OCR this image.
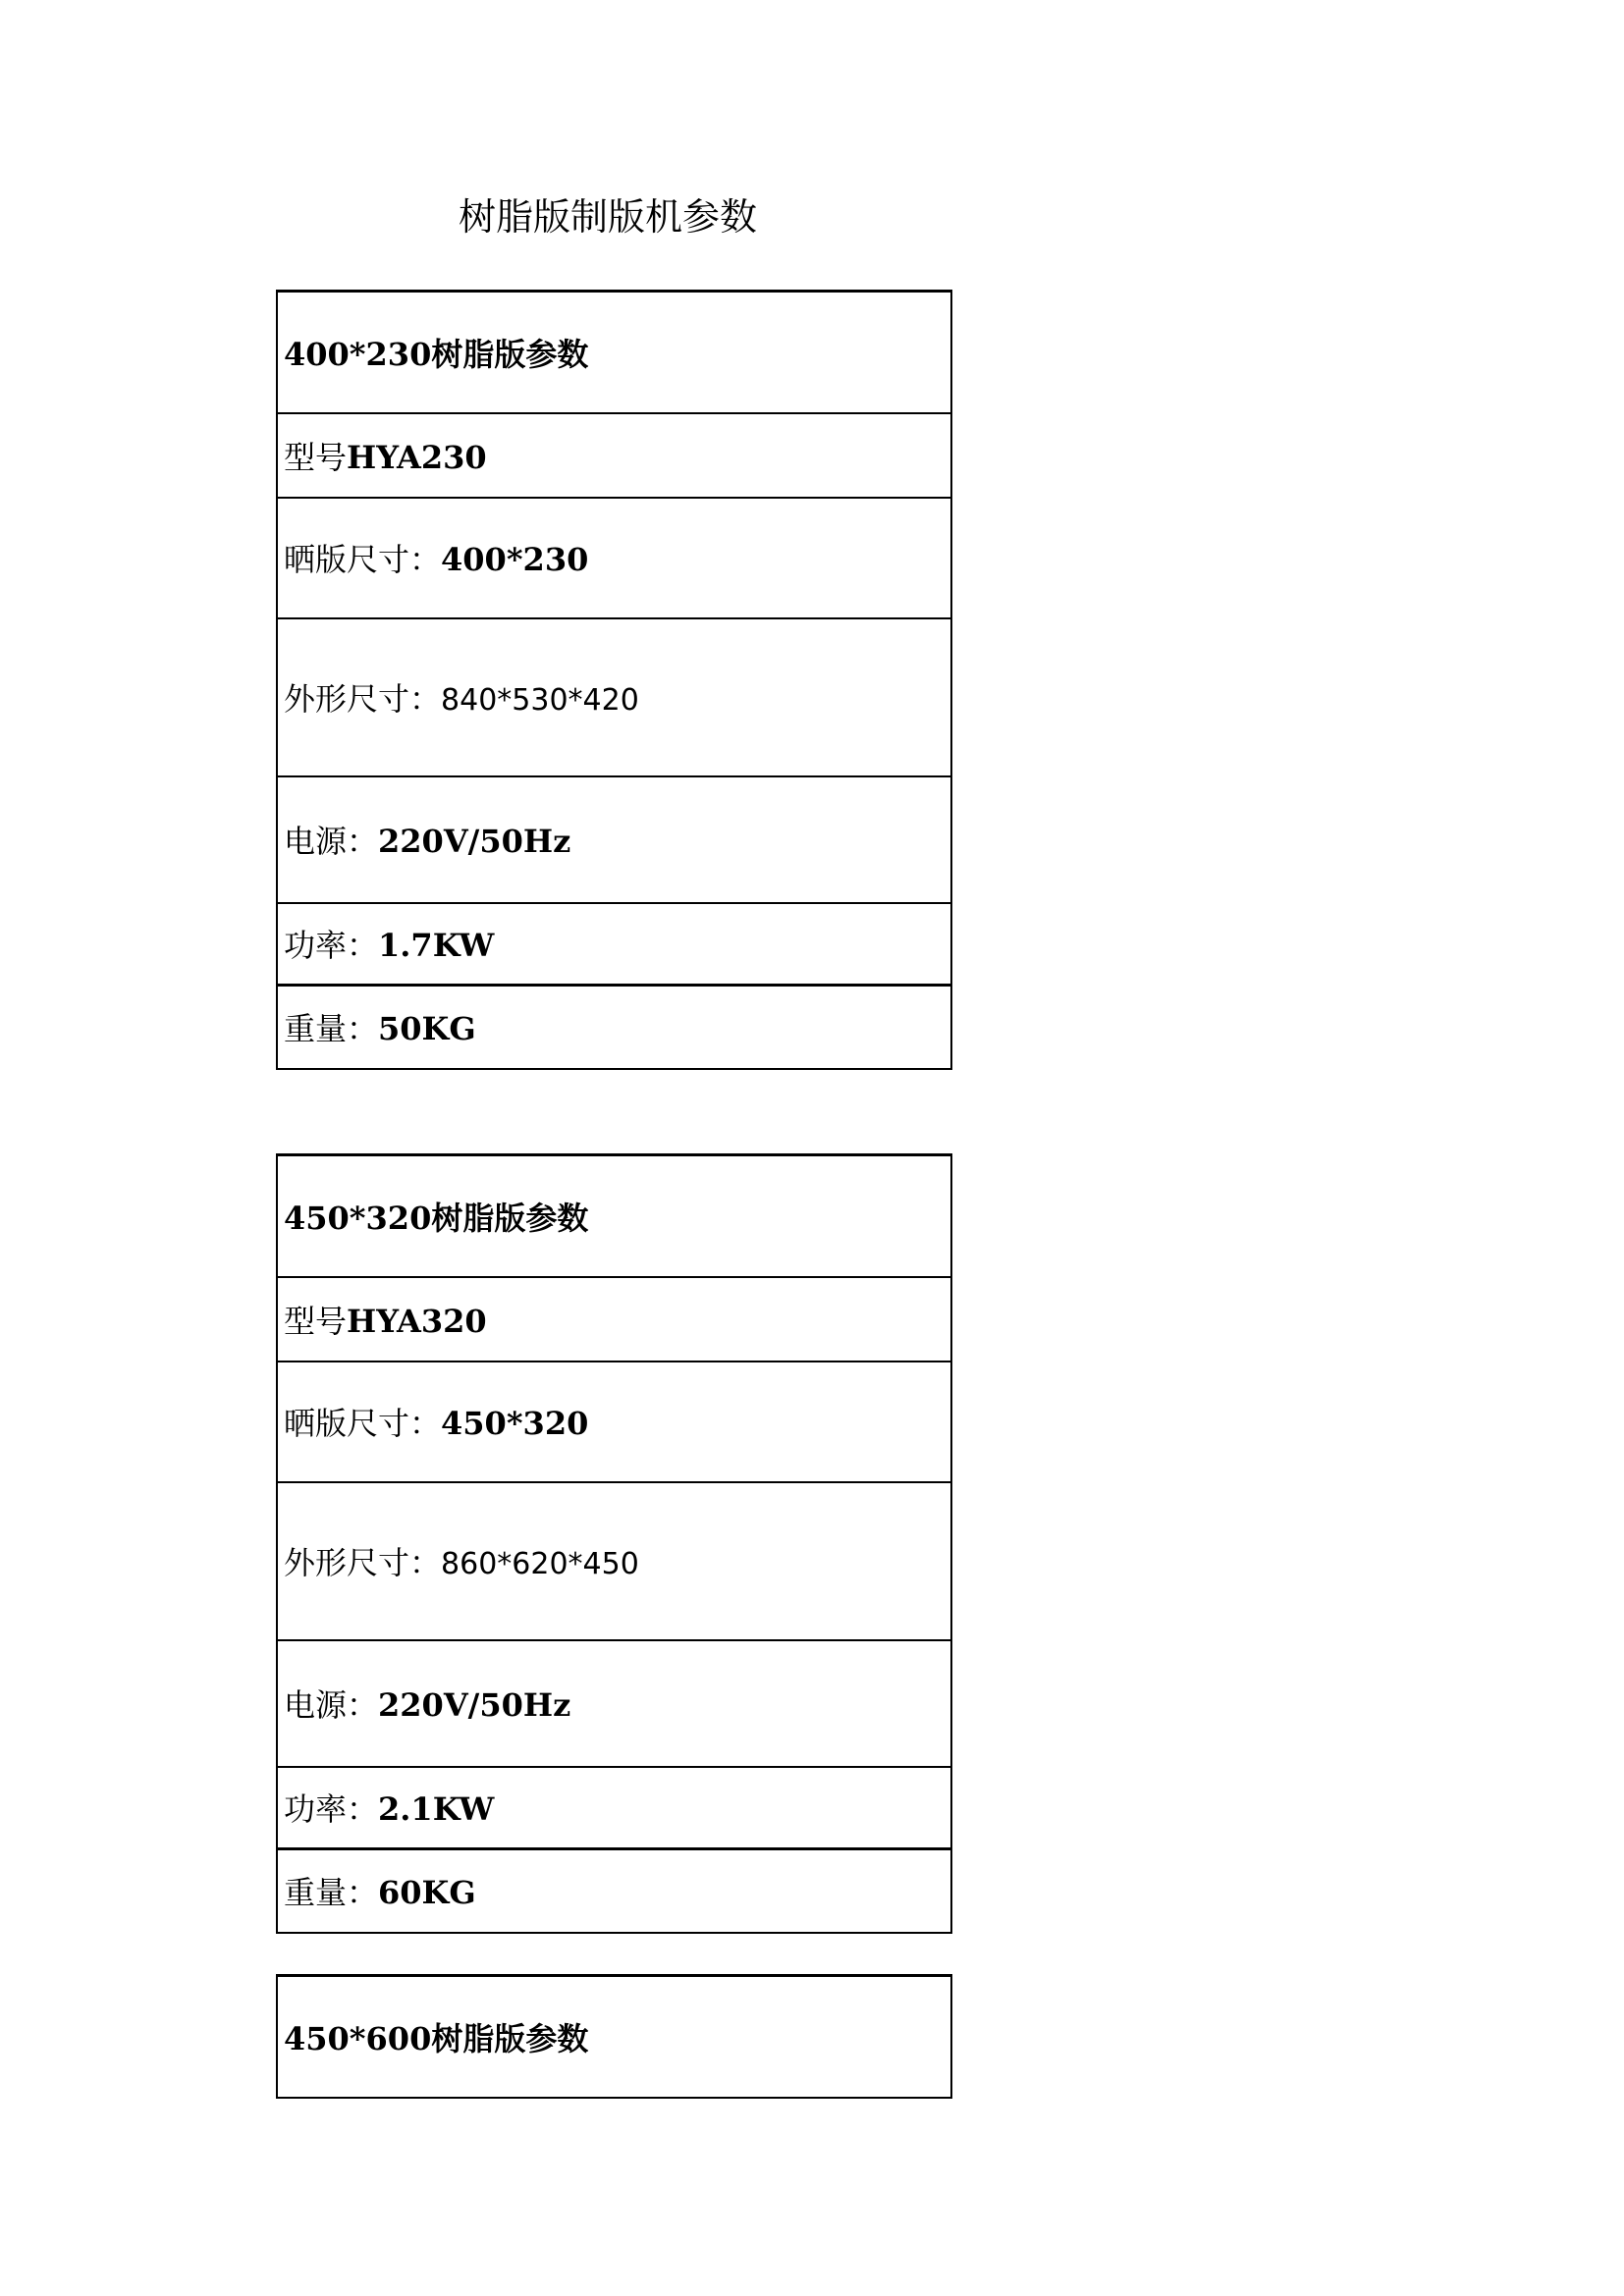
树脂版制版机参数
400*230树脂版参数
型号HYA230
晒版尺寸：400*230
外形尺寸：840*530*420
电源：220V/50Hz
功率：1.7KW
重量：50KG
450*320树脂版参数
型号HYA320
晒版尺寸：450*320
外形尺寸：860*620*450
电源：220V/50Hz
功率：2.1KW
重量：60KG
450*600树脂版参数
